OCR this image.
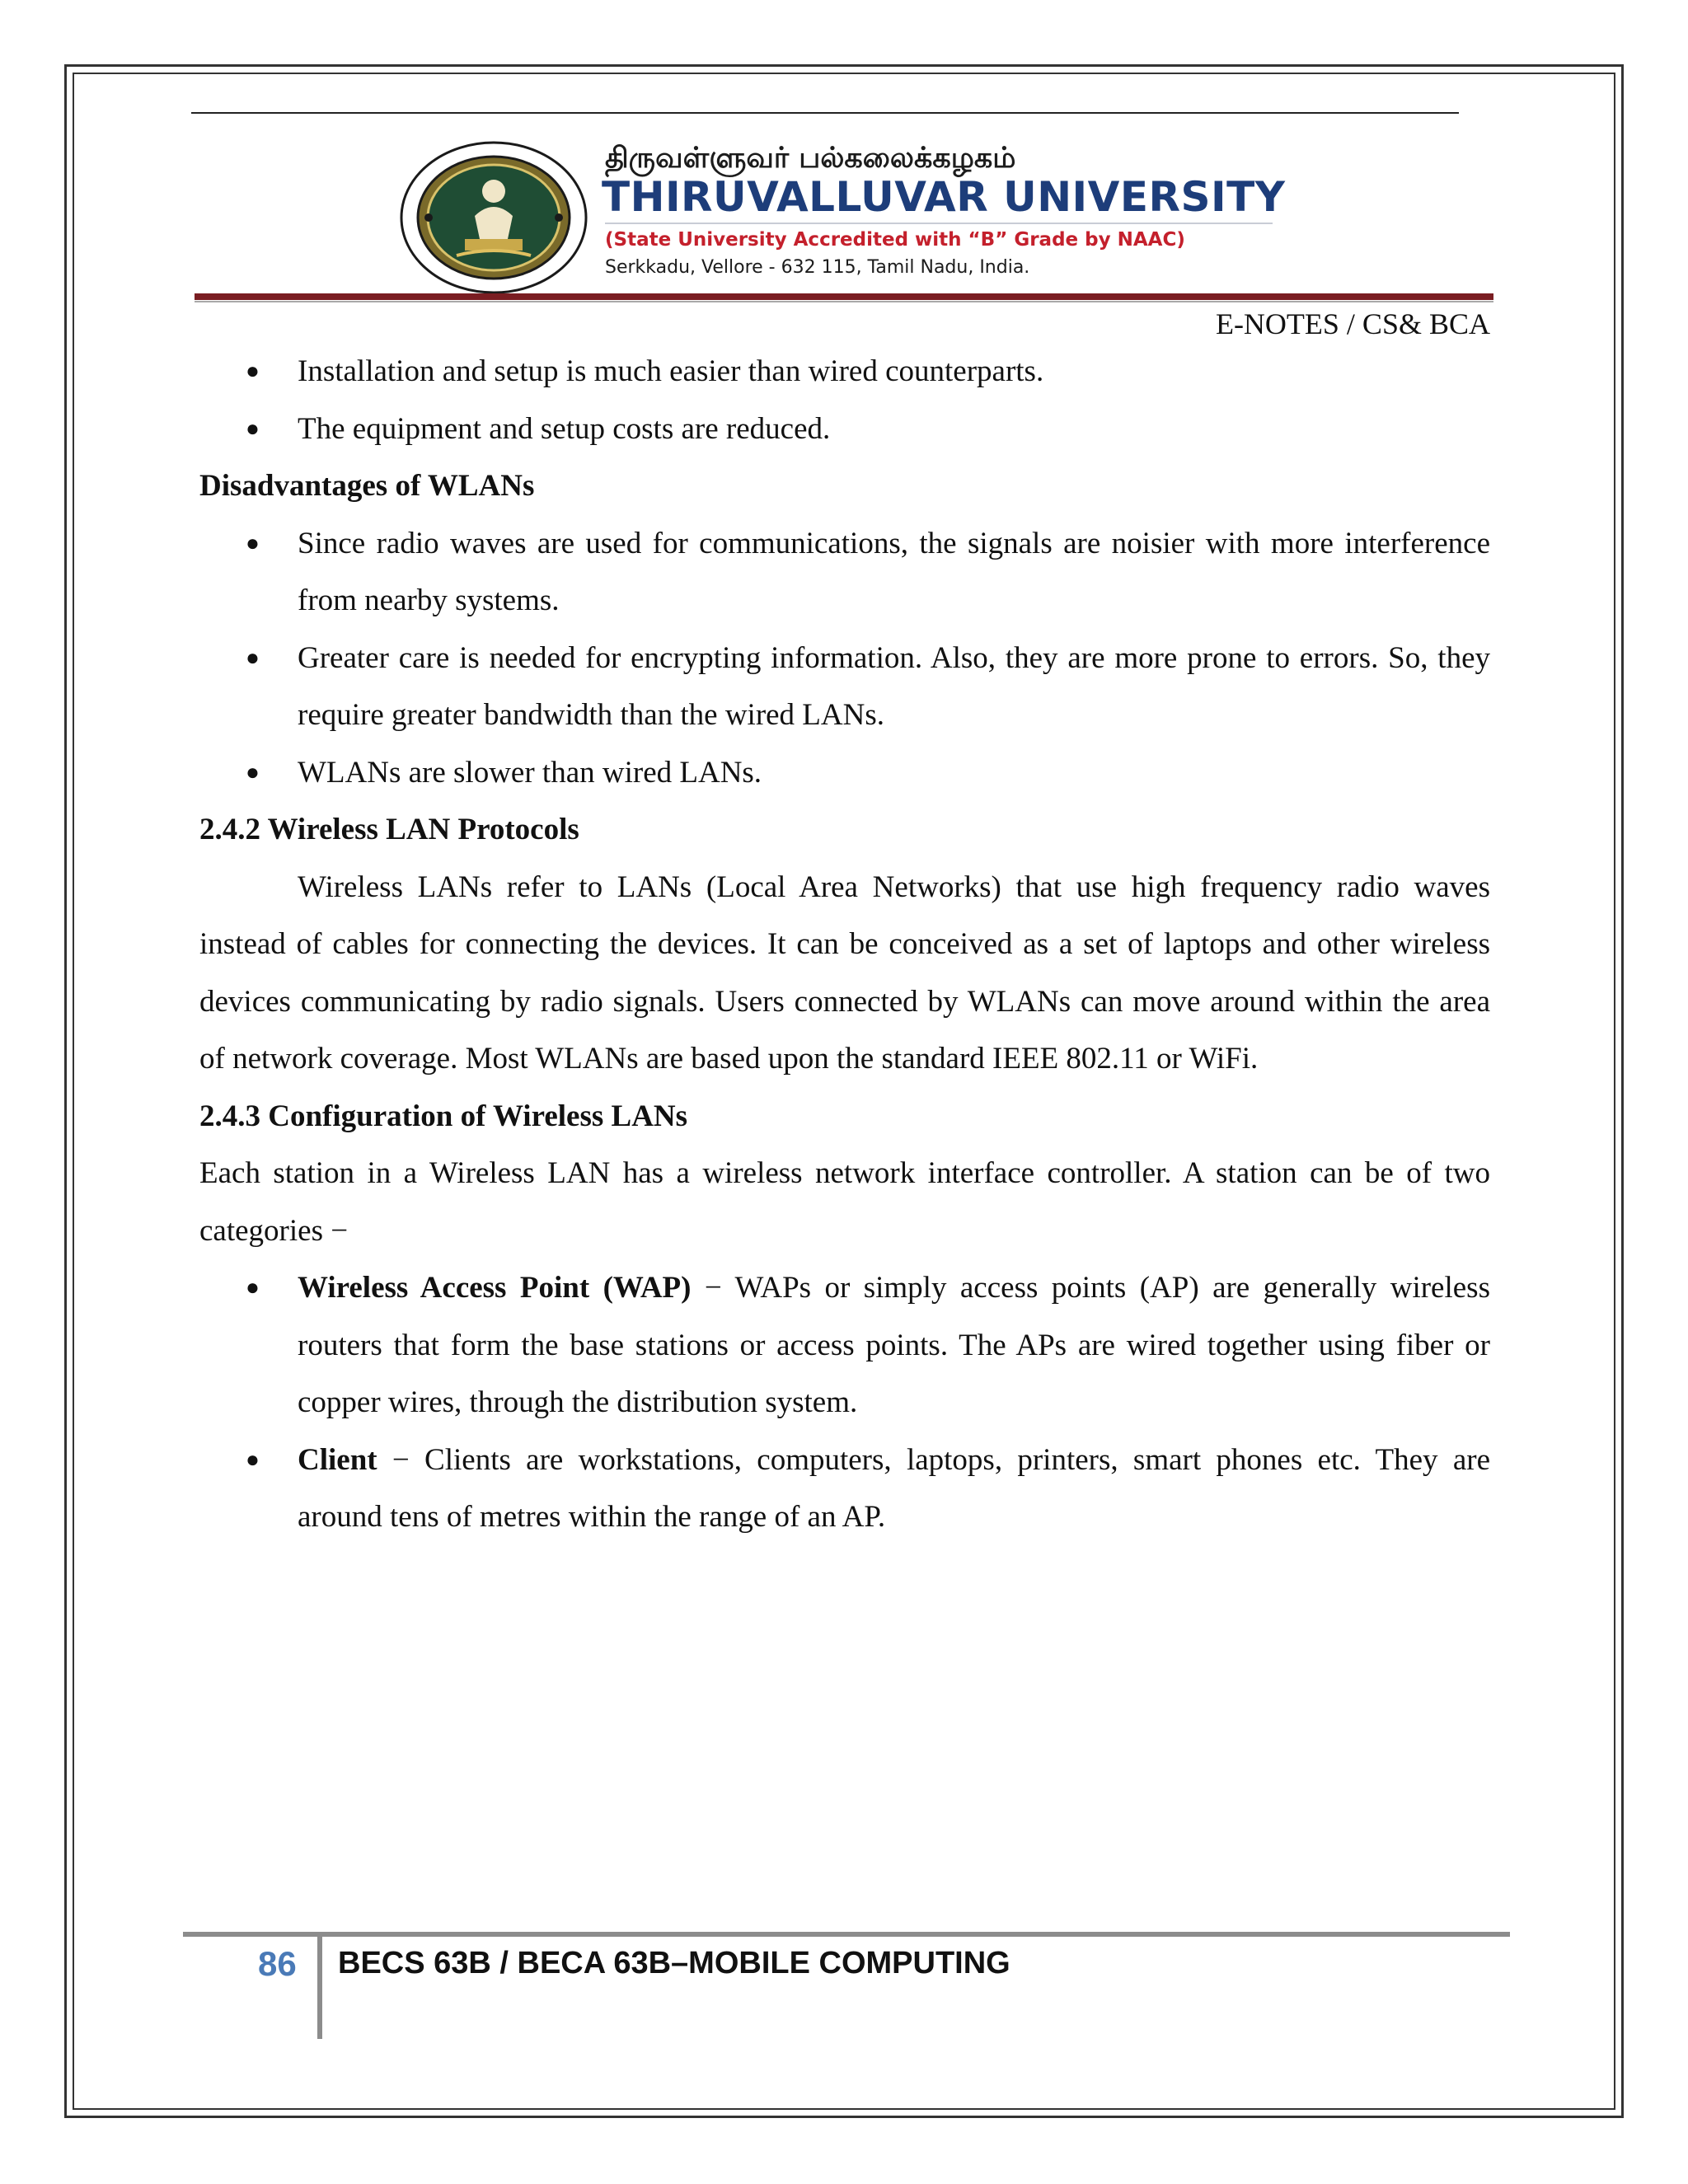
திருவள்ளுவர் பல்கலைக்கழகம்
THIRUVALLUVAR UNIVERSITY
(State University Accredited with “B” Grade by NAAC)
Serkkadu, Vellore - 632 115, Tamil Nadu, India.
E-NOTES / CS& BCA
● Installation and setup is much easier than wired counterparts.
● The equipment and setup costs are reduced.

Disadvantages of WLANs

● Since radio waves are used for communications, the signals are noisier with more interference from nearby systems.
● Greater care is needed for encrypting information. Also, they are more prone to errors. So, they require greater bandwidth than the wired LANs.
● WLANs are slower than wired LANs.

2.4.2 Wireless LAN Protocols

Wireless LANs refer to LANs (Local Area Networks) that use high frequency radio waves instead of cables for connecting the devices. It can be conceived as a set of laptops and other wireless devices communicating by radio signals. Users connected by WLANs can move around within the area of network coverage. Most WLANs are based upon the standard IEEE 802.11 or WiFi.

2.4.3 Configuration of Wireless LANs

Each station in a Wireless LAN has a wireless network interface controller. A station can be of two categories −

● Wireless Access Point (WAP) − WAPs or simply access points (AP) are generally wireless routers that form the base stations or access points. The APs are wired together using fiber or copper wires, through the distribution system.
● Client − Clients are workstations, computers, laptops, printers, smart phones etc. They are around tens of metres within the range of an AP.
86 BECS 63B / BECA 63B–MOBILE COMPUTING
